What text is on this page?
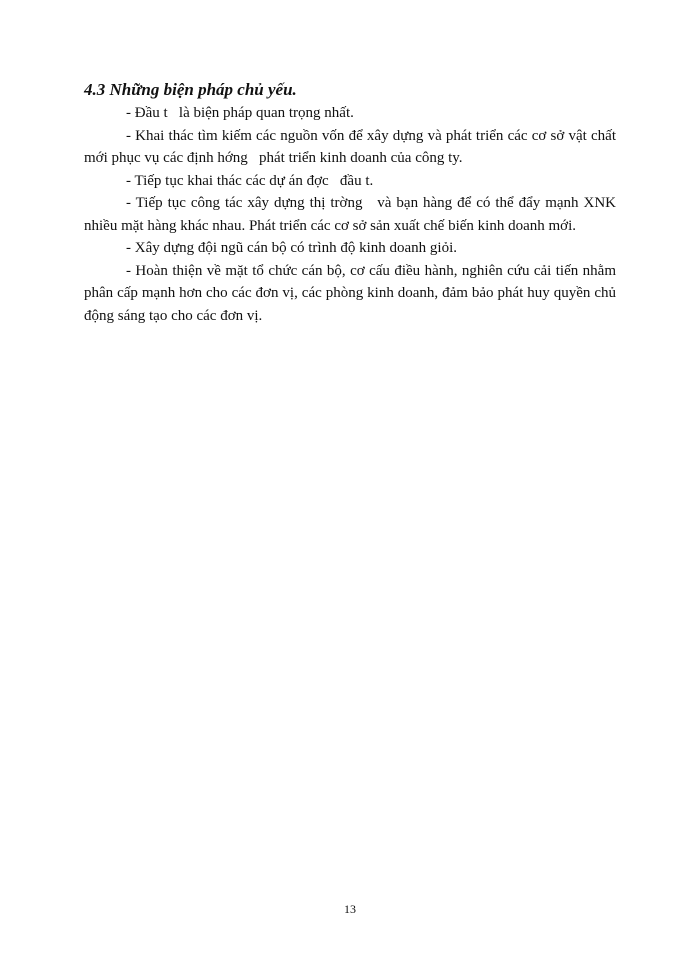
4.3 Những biện pháp chủ yếu.

- Đầu t   là biện pháp quan trọng nhất.

- Khai thác tìm kiếm các nguồn vốn để xây dựng và phát triển các cơ sở vật chất mới phục vụ các định hớng   phát triển kinh doanh của công ty.

- Tiếp tục khai thác các dự án đợc   đầu t.

- Tiếp tục công tác xây dựng thị trờng   và bạn hàng để có thể đẩy mạnh XNK nhiều mặt hàng khác nhau. Phát triển các cơ sở sản xuất chế biến kinh doanh mới.

- Xây dựng đội ngũ cán bộ có trình độ kinh doanh giỏi.

- Hoàn thiện về mặt tổ chức cán bộ, cơ cấu điều hành, nghiên cứu cải tiến nhằm phân cấp mạnh hơn cho các đơn vị, các phòng kinh doanh, đảm bảo phát huy quyền chủ động sáng tạo cho các đơn vị.

13
